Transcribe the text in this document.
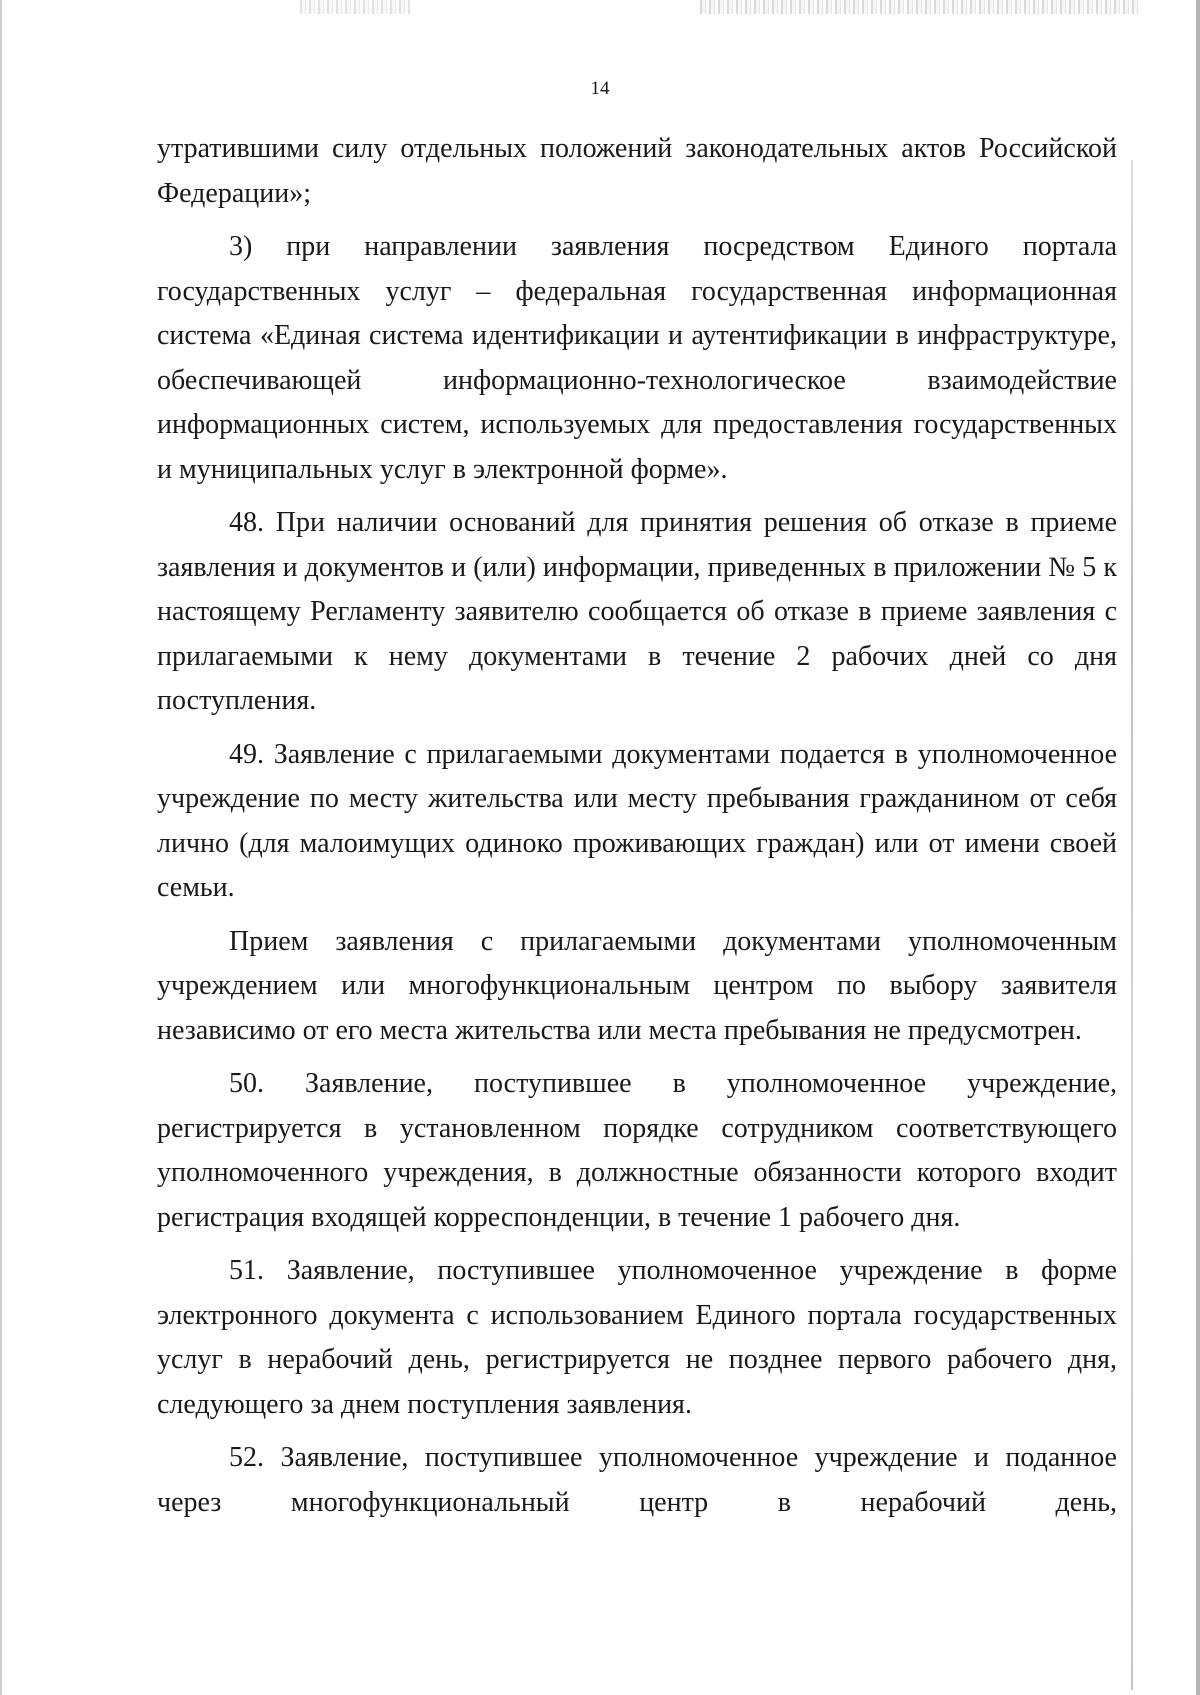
14

утратившими силу отдельных положений законодательных актов Российской Федерации»;

3) при направлении заявления посредством Единого портала государственных услуг – федеральная государственная информационная система «Единая система идентификации и аутентификации в инфраструктуре, обеспечивающей информационно-технологическое взаимодействие информационных систем, используемых для предоставления государственных и муниципальных услуг в электронной форме».

48. При наличии оснований для принятия решения об отказе в приеме заявления и документов и (или) информации, приведенных в приложении № 5 к настоящему Регламенту заявителю сообщается об отказе в приеме заявления с прилагаемыми к нему документами в течение 2 рабочих дней со дня поступления.

49. Заявление с прилагаемыми документами подается в уполномоченное учреждение по месту жительства или месту пребывания гражданином от себя лично (для малоимущих одиноко проживающих граждан) или от имени своей семьи.

Прием заявления с прилагаемыми документами уполномоченным учреждением или многофункциональным центром по выбору заявителя независимо от его места жительства или места пребывания не предусмотрен.

50. Заявление, поступившее в уполномоченное учреждение, регистрируется в установленном порядке сотрудником соответствующего уполномоченного учреждения, в должностные обязанности которого входит регистрация входящей корреспонденции, в течение 1 рабочего дня.

51. Заявление, поступившее уполномоченное учреждение в форме электронного документа с использованием Единого портала государственных услуг в нерабочий день, регистрируется не позднее первого рабочего дня, следующего за днем поступления заявления.

52. Заявление, поступившее уполномоченное учреждение и поданное через многофункциональный центр в нерабочий день,
